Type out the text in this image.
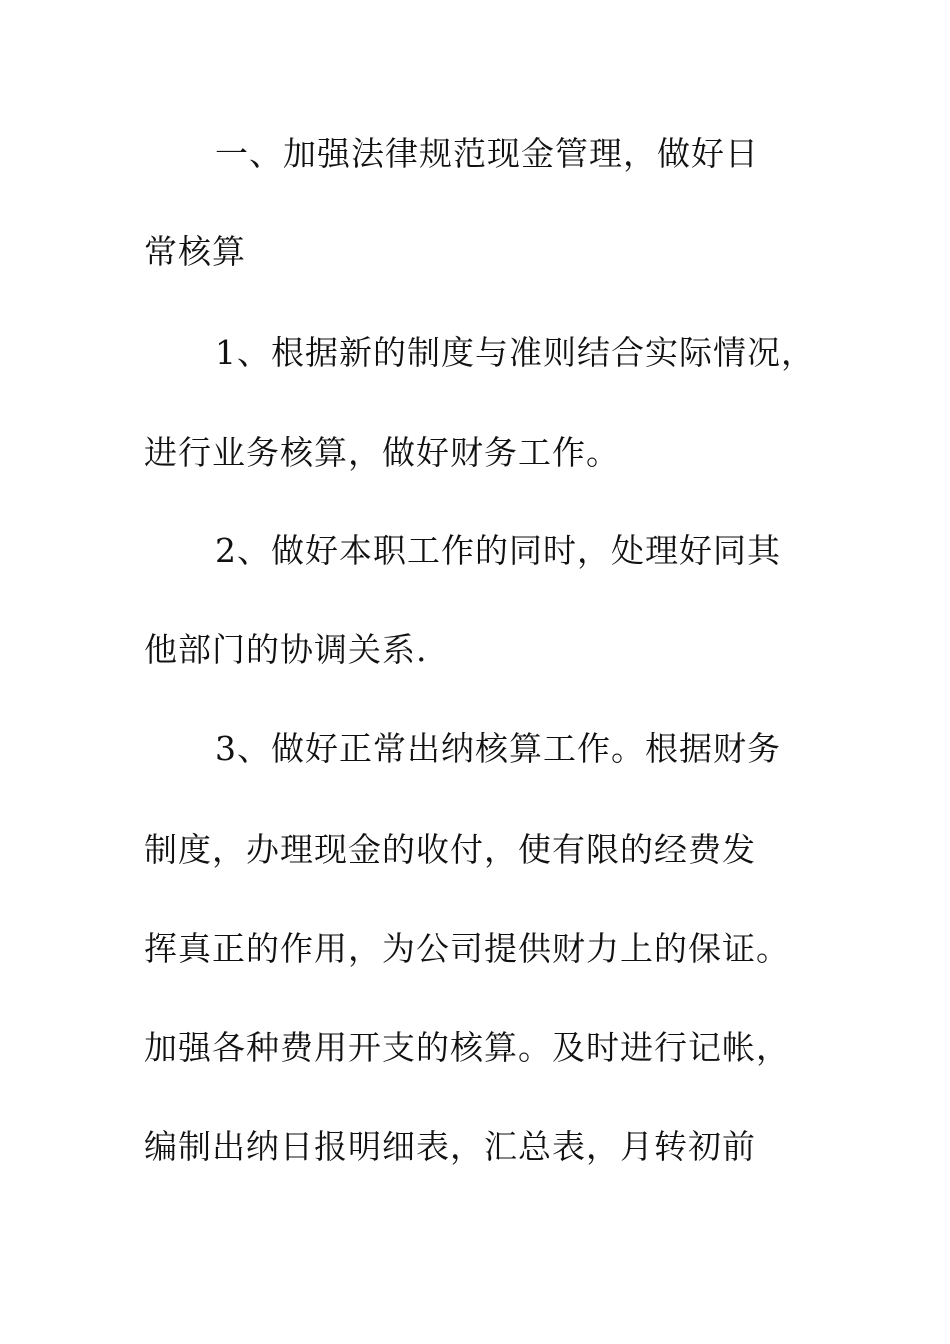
一、加强法律规范现金管理，做好日
常核算
1、根据新的制度与准则结合实际情况，
进行业务核算，做好财务工作。
2、做好本职工作的同时，处理好同其
他部门的协调关系.
3、做好正常出纳核算工作。根据财务
制度，办理现金的收付，使有限的经费发
挥真正的作用，为公司提供财力上的保证。
加强各种费用开支的核算。及时进行记帐，
编制出纳日报明细表，汇总表，月转初前
